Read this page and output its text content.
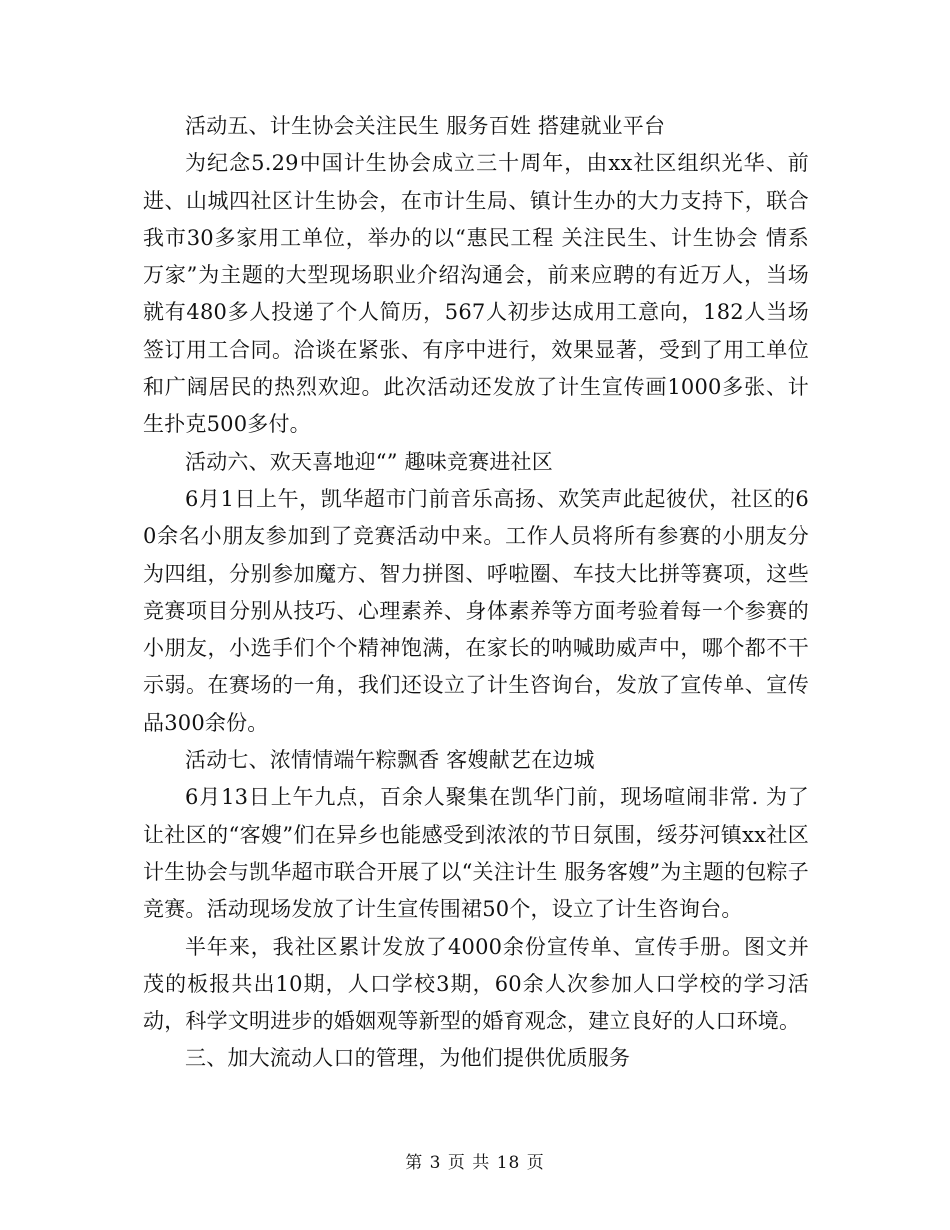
活动五、计生协会关注民生 服务百姓 搭建就业平台

为纪念5.29中国计生协会成立三十周年，由xx社区组织光华、前进、山城四社区计生协会，在市计生局、镇计生办的大力支持下，联合我市30多家用工单位，举办的以“惠民工程 关注民生、计生协会 情系万家”为主题的大型现场职业介绍沟通会，前来应聘的有近万人，当场就有480多人投递了个人简历，567人初步达成用工意向，182人当场签订用工合同。洽谈在紧张、有序中进行，效果显著，受到了用工单位和广阔居民的热烈欢迎。此次活动还发放了计生宣传画1000多张、计生扑克500多付。

活动六、欢天喜地迎“” 趣味竞赛进社区

6月1日上午，凯华超市门前音乐高扬、欢笑声此起彼伏，社区的60余名小朋友参加到了竞赛活动中来。工作人员将所有参赛的小朋友分为四组，分别参加魔方、智力拼图、呼啦圈、车技大比拼等赛项，这些竞赛项目分别从技巧、心理素养、身体素养等方面考验着每一个参赛的小朋友，小选手们个个精神饱满，在家长的呐喊助威声中，哪个都不干示弱。在赛场的一角，我们还设立了计生咨询台，发放了宣传单、宣传品300余份。

活动七、浓情情端午粽飘香 客嫂献艺在边城

6月13日上午九点，百余人聚集在凯华门前，现场喧闹非常. 为了让社区的“客嫂”们在异乡也能感受到浓浓的节日氛围，绥芬河镇xx社区计生协会与凯华超市联合开展了以“关注计生 服务客嫂”为主题的包粽子竞赛。活动现场发放了计生宣传围裙50个，设立了计生咨询台。

半年来，我社区累计发放了4000余份宣传单、宣传手册。图文并茂的板报共出10期，人口学校3期，60余人次参加人口学校的学习活动，科学文明进步的婚姻观等新型的婚育观念，建立良好的人口环境。

三、加大流动人口的管理，为他们提供优质服务

第 3 页 共 18 页
